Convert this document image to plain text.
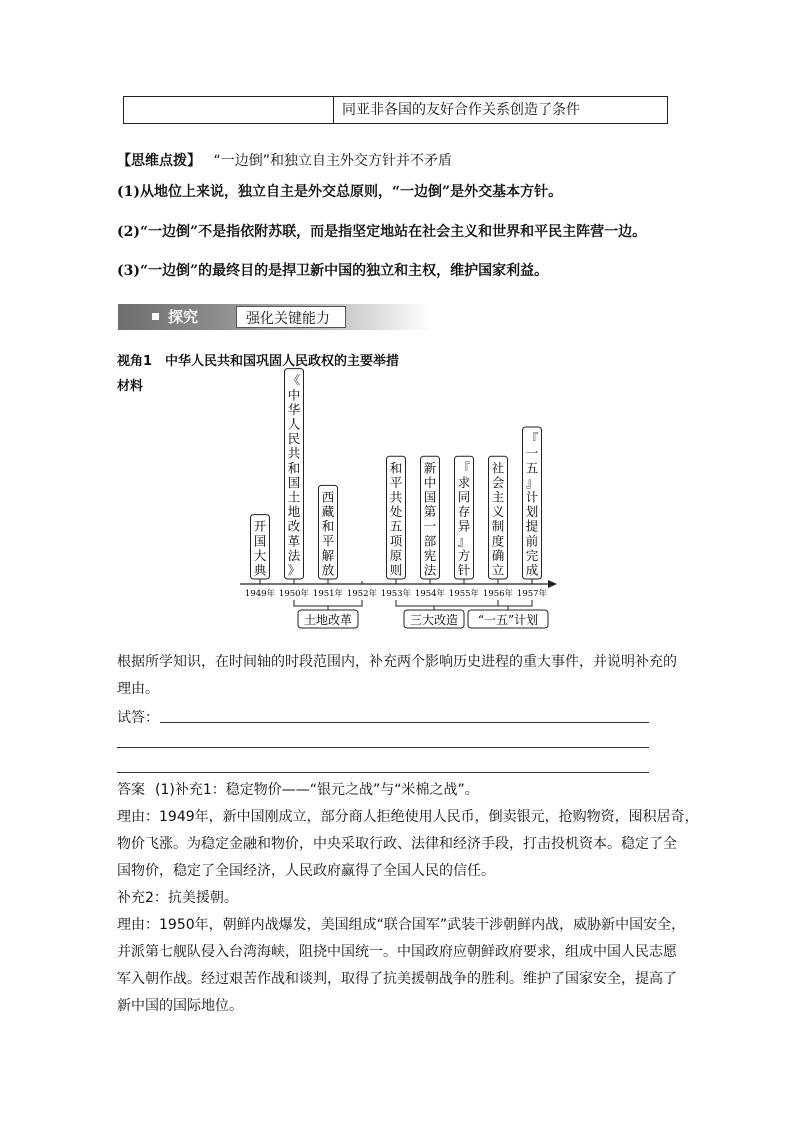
同亚非各国的友好合作关系创造了条件
【思维点拨】 “一边倒”和独立自主外交方针并不矛盾
(1)从地位上来说，独立自主是外交总原则，“一边倒”是外交基本方针。
(2)“一边倒”不是指依附苏联，而是指坚定地站在社会主义和世界和平民主阵营一边。
(3)“一边倒”的最终目的是捍卫新中国的独立和主权，维护国家利益。
探究	强化关键能力
视角1　中华人民共和国巩固人民政权的主要举措
材料
开
国
大
典
《
中
华
人
民
共
和
国
土
地
改
革
法
》
西
藏
和
平
解
放
和
平
共
处
五
项
原
则
新
中
国
第
一
部
宪
法
『
求
同
存
异
』
方
针
社
会
主
义
制
度
确
立
『
一
五
』
计
划
提
前
完
成
1949年 1950年 1951年 1952年 1953年 1954年 1955年 1956年 1957年
土地改革	三大改造 “一五”计划
根据所学知识，在时间轴的时段范围内，补充两个影响历史进程的重大事件，并说明补充的
理由。
试答：
答案 (1)补充1：稳定物价——“银元之战”与“米棉之战”。
理由：1949年，新中国刚成立，部分商人拒绝使用人民币，倒卖银元，抢购物资，囤积居奇，
物价飞涨。为稳定金融和物价，中央采取行政、法律和经济手段，打击投机资本。稳定了全
国物价，稳定了全国经济，人民政府赢得了全国人民的信任。
补充2：抗美援朝。
理由：1950年，朝鲜内战爆发，美国组成“联合国军”武装干涉朝鲜内战，威胁新中国安全，
并派第七舰队侵入台湾海峡，阻挠中国统一。中国政府应朝鲜政府要求，组成中国人民志愿
军入朝作战。经过艰苦作战和谈判，取得了抗美援朝战争的胜利。维护了国家安全，提高了
新中国的国际地位。
